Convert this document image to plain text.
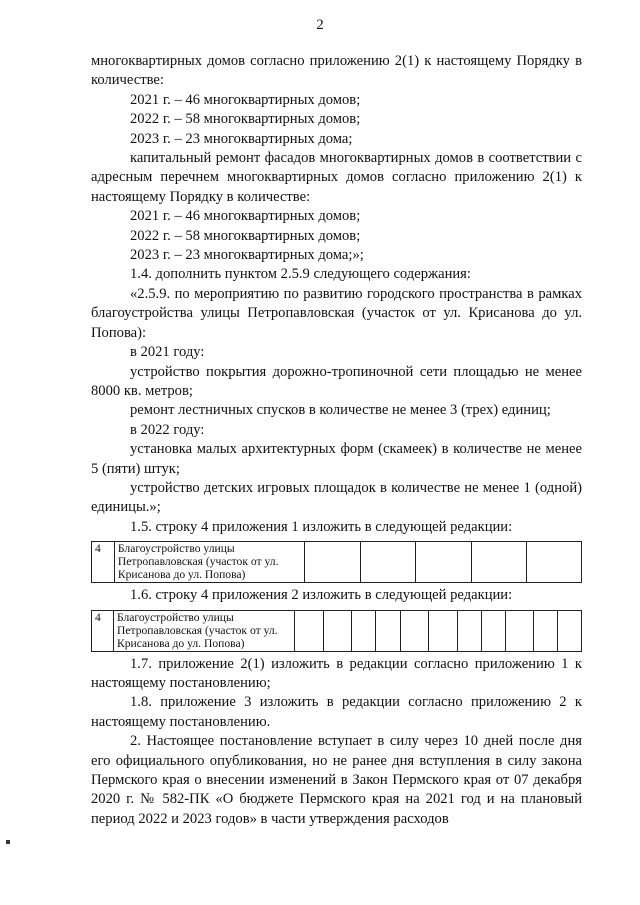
2

многоквартирных домов согласно приложению 2(1) к настоящему Порядку в количестве:

2021 г. – 46 многоквартирных домов;

2022 г. – 58 многоквартирных домов;

2023 г. – 23 многоквартирных дома;

капитальный ремонт фасадов многоквартирных домов в соответствии с адресным перечнем многоквартирных домов согласно приложению 2(1) к настоящему Порядку в количестве:

2021 г. – 46 многоквартирных домов;

2022 г. – 58 многоквартирных домов;

2023 г. – 23 многоквартирных дома;»;

1.4. дополнить пунктом 2.5.9 следующего содержания:

«2.5.9. по мероприятию по развитию городского пространства в рамках благоустройства улицы Петропавловская (участок от ул. Крисанова до ул. Попова):

в 2021 году:

устройство покрытия дорожно-тропиночной сети площадью не менее 8000 кв. метров;

ремонт лестничных спусков в количестве не менее 3 (трех) единиц;

в 2022 году:

установка малых архитектурных форм (скамеек) в количестве не менее 5 (пяти) штук;

устройство детских игровых площадок в количестве не менее 1 (одной) единицы.»;

1.5. строку 4 приложения 1 изложить в следующей редакции:

4	Благоустройство улицы Петропавловская (участок от ул. Крисанова до ул. Попова)					

1.6. строку 4 приложения 2 изложить в следующей редакции:

4	Благоустройство улицы Петропавловская (участок от ул. Крисанова до ул. Попова)											

1.7. приложение 2(1) изложить в редакции согласно приложению 1 к настоящему постановлению;

1.8. приложение 3 изложить в редакции согласно приложению 2 к настоящему постановлению.

2. Настоящее постановление вступает в силу через 10 дней после дня его официального опубликования, но не ранее дня вступления в силу закона Пермского края о внесении изменений в Закон Пермского края от 07 декабря 2020 г. № 582-ПК «О бюджете Пермского края на 2021 год и на плановый период 2022 и 2023 годов» в части утверждения расходов
